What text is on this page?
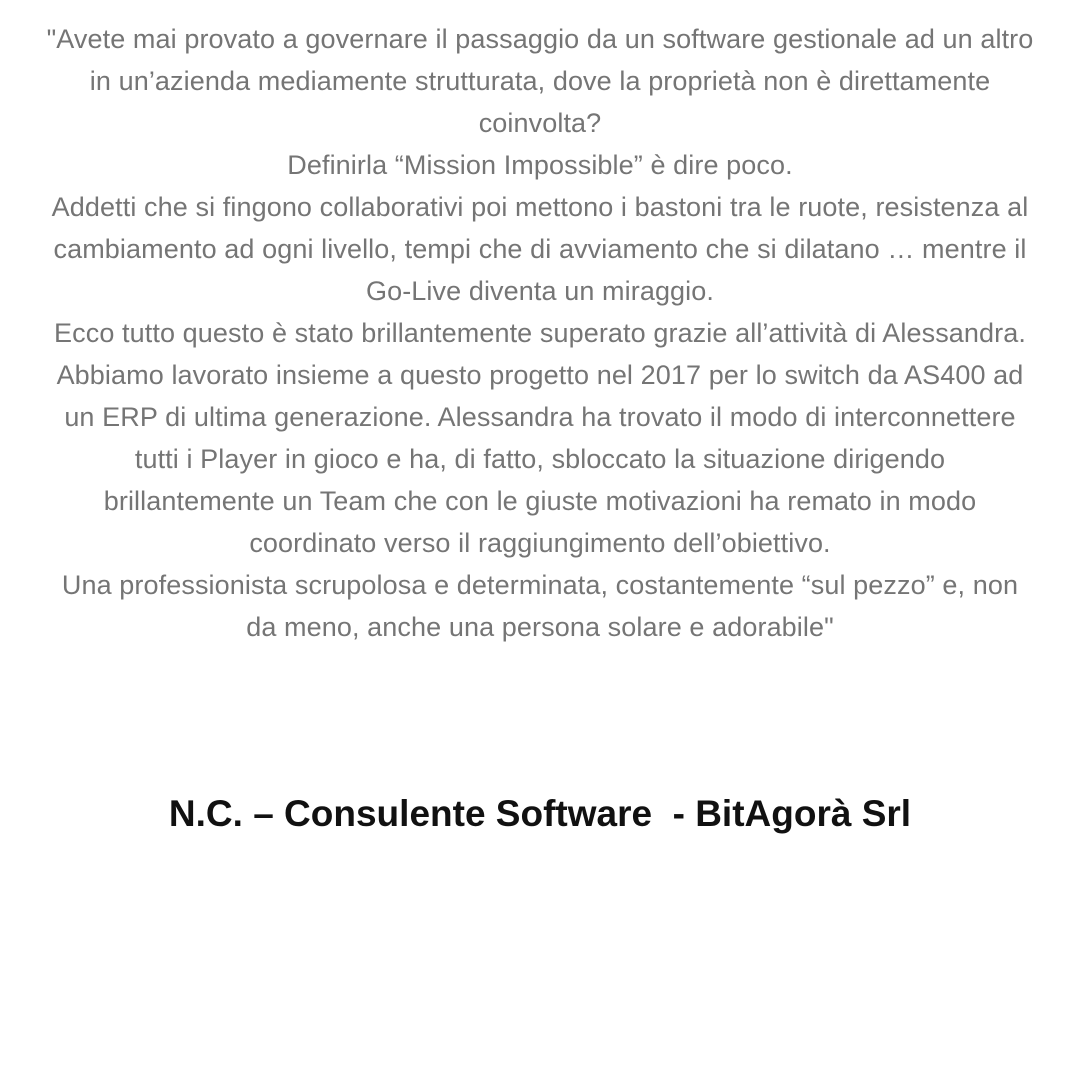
"Avete mai provato a governare il passaggio da un software gestionale ad un altro in un’azienda mediamente strutturata, dove la proprietà non è direttamente coinvolta?
Definirla “Mission Impossible” è dire poco.
Addetti che si fingono collaborativi poi mettono i bastoni tra le ruote, resistenza al cambiamento ad ogni livello, tempi che di avviamento che si dilatano … mentre il Go-Live diventa un miraggio.
Ecco tutto questo è stato brillantemente superato grazie all’attività di Alessandra.
Abbiamo lavorato insieme a questo progetto nel 2017 per lo switch da AS400 ad un ERP di ultima generazione. Alessandra ha trovato il modo di interconnettere tutti i Player in gioco e ha, di fatto, sbloccato la situazione dirigendo brillantemente un Team che con le giuste motivazioni ha remato in modo coordinato verso il raggiungimento dell’obiettivo.
Una professionista scrupolosa e determinata, costantemente “sul pezzo” e, non da meno, anche una persona solare e adorabile"

N.C. – Consulente Software  - BitAgorà Srl
